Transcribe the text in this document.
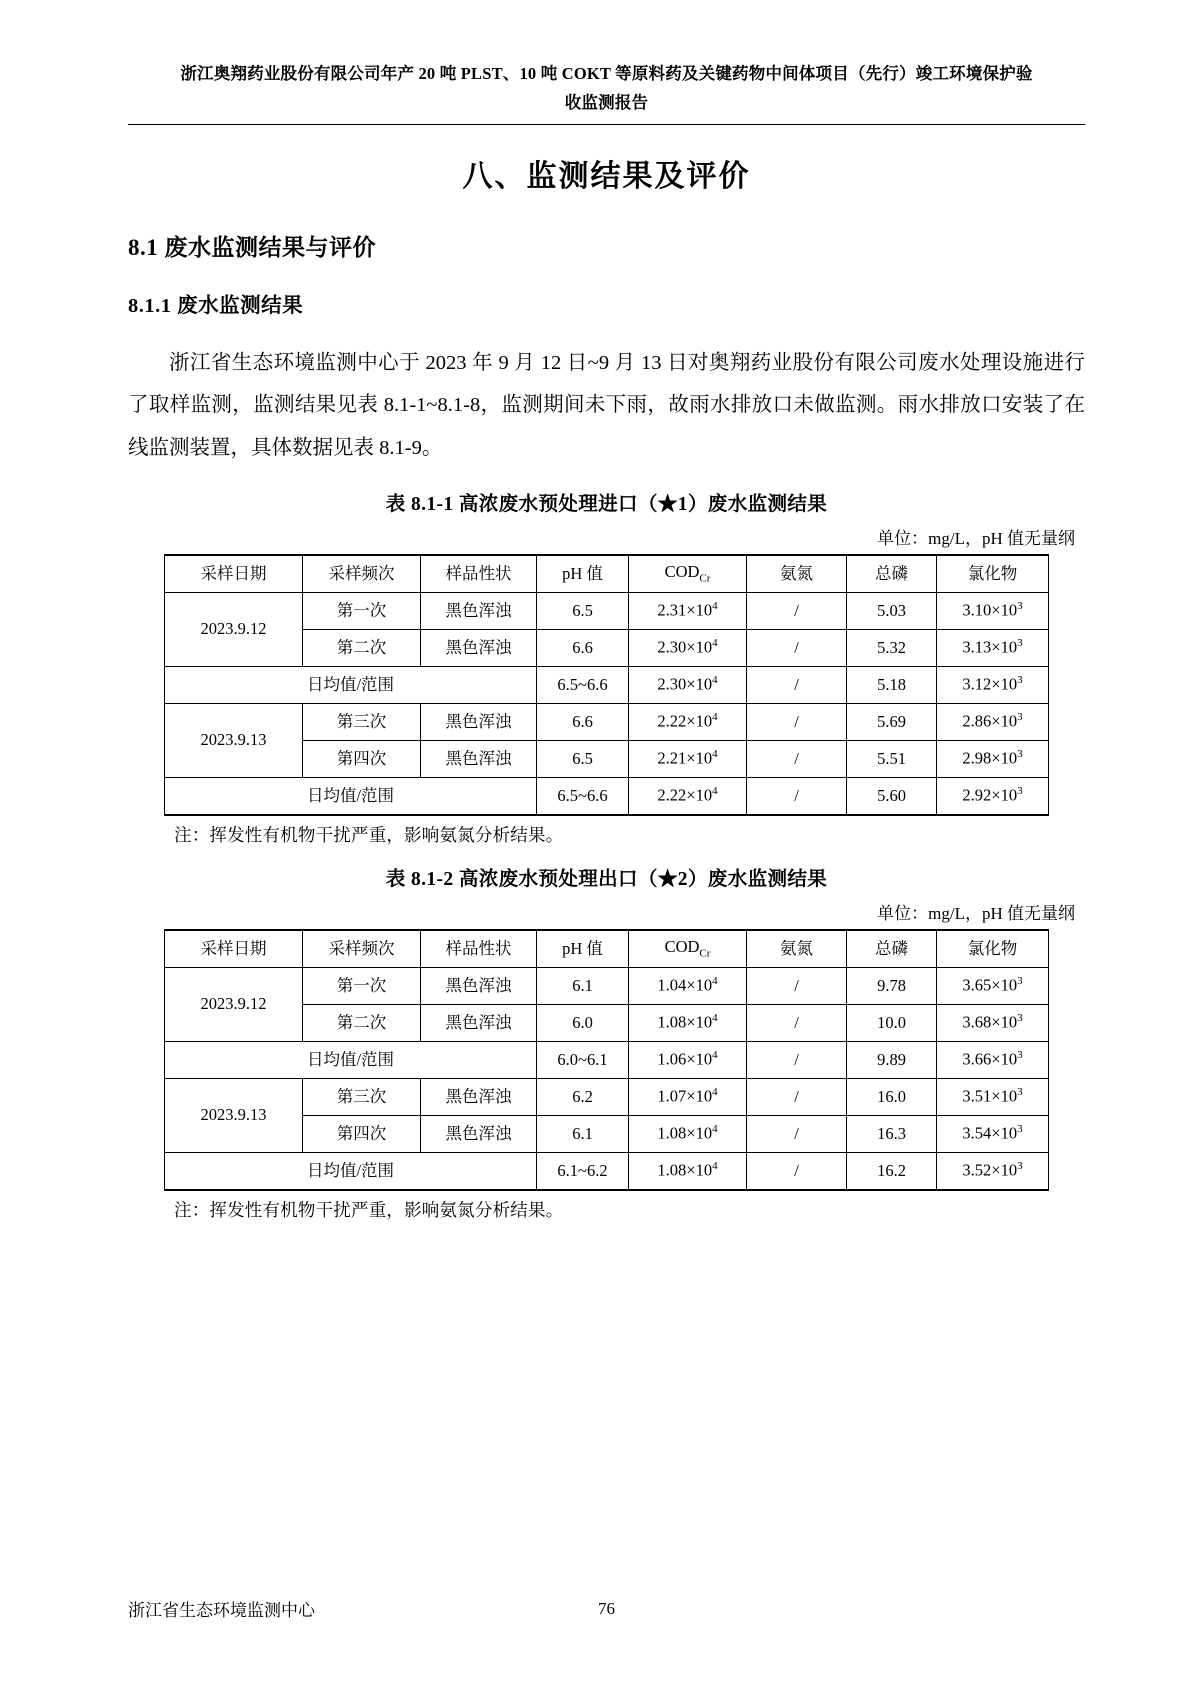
浙江奥翔药业股份有限公司年产 20 吨 PLST、10 吨 COKT 等原料药及关键药物中间体项目（先行）竣工环境保护验
收监测报告
八、监测结果及评价
8.1 废水监测结果与评价
8.1.1 废水监测结果

浙江省生态环境监测中心于 2023 年 9 月 12 日~9 月 13 日对奥翔药业股份有限公司废水处理设施进行了取样监测，监测结果见表 8.1-1~8.1-8，监测期间未下雨，故雨水排放口未做监测。雨水排放口安装了在线监测装置，具体数据见表 8.1-9。

表 8.1-1 高浓废水预处理进口（★1）废水监测结果
单位：mg/L，pH 值无量纲
采样日期	采样频次	样品性状	pH 值	$COD_{Cr}$	氨氮	总磷	氯化物
2023.9.12	第一次	黑色浑浊	6.5	$2.31\times 10^4$	/	5.03	$3.10\times 10^3$
	第二次	黑色浑浊	6.6	$2.30\times 10^4$	/	5.32	$3.13\times 10^3$
日均值/范围			6.5~6.6	$2.30\times 10^4$	/	5.18	$3.12\times 10^3$
2023.9.13	第三次	黑色浑浊	6.6	$2.22\times 10^4$	/	5.69	$2.86\times 10^3$
	第四次	黑色浑浊	6.5	$2.21\times 10^4$	/	5.51	$2.98\times 10^3$
日均值/范围			6.5~6.6	$2.22\times 10^4$	/	5.60	$2.92\times 10^3$
注：挥发性有机物干扰严重，影响氨氮分析结果。
表 8.1-2 高浓废水预处理出口（★2）废水监测结果
单位：mg/L，pH 值无量纲
采样日期	采样频次	样品性状	pH 值	$COD_{Cr}$	氨氮	总磷	氯化物
2023.9.12	第一次	黑色浑浊	6.1	$1.04\times 10^4$	/	9.78	$3.65\times 10^3$
	第二次	黑色浑浊	6.0	$1.08\times 10^4$	/	10.0	$3.68\times 10^3$
日均值/范围			6.0~6.1	$1.06\times 10^4$	/	9.89	$3.66\times 10^3$
2023.9.13	第三次	黑色浑浊	6.2	$1.07\times 10^4$	/	16.0	$3.51\times 10^3$
	第四次	黑色浑浊	6.1	$1.08\times 10^4$	/	16.3	$3.54\times 10^3$
日均值/范围			6.1~6.2	$1.08\times 10^4$	/	16.2	$3.52\times 10^3$
注：挥发性有机物干扰严重，影响氨氮分析结果。
浙江省生态环境监测中心	76
